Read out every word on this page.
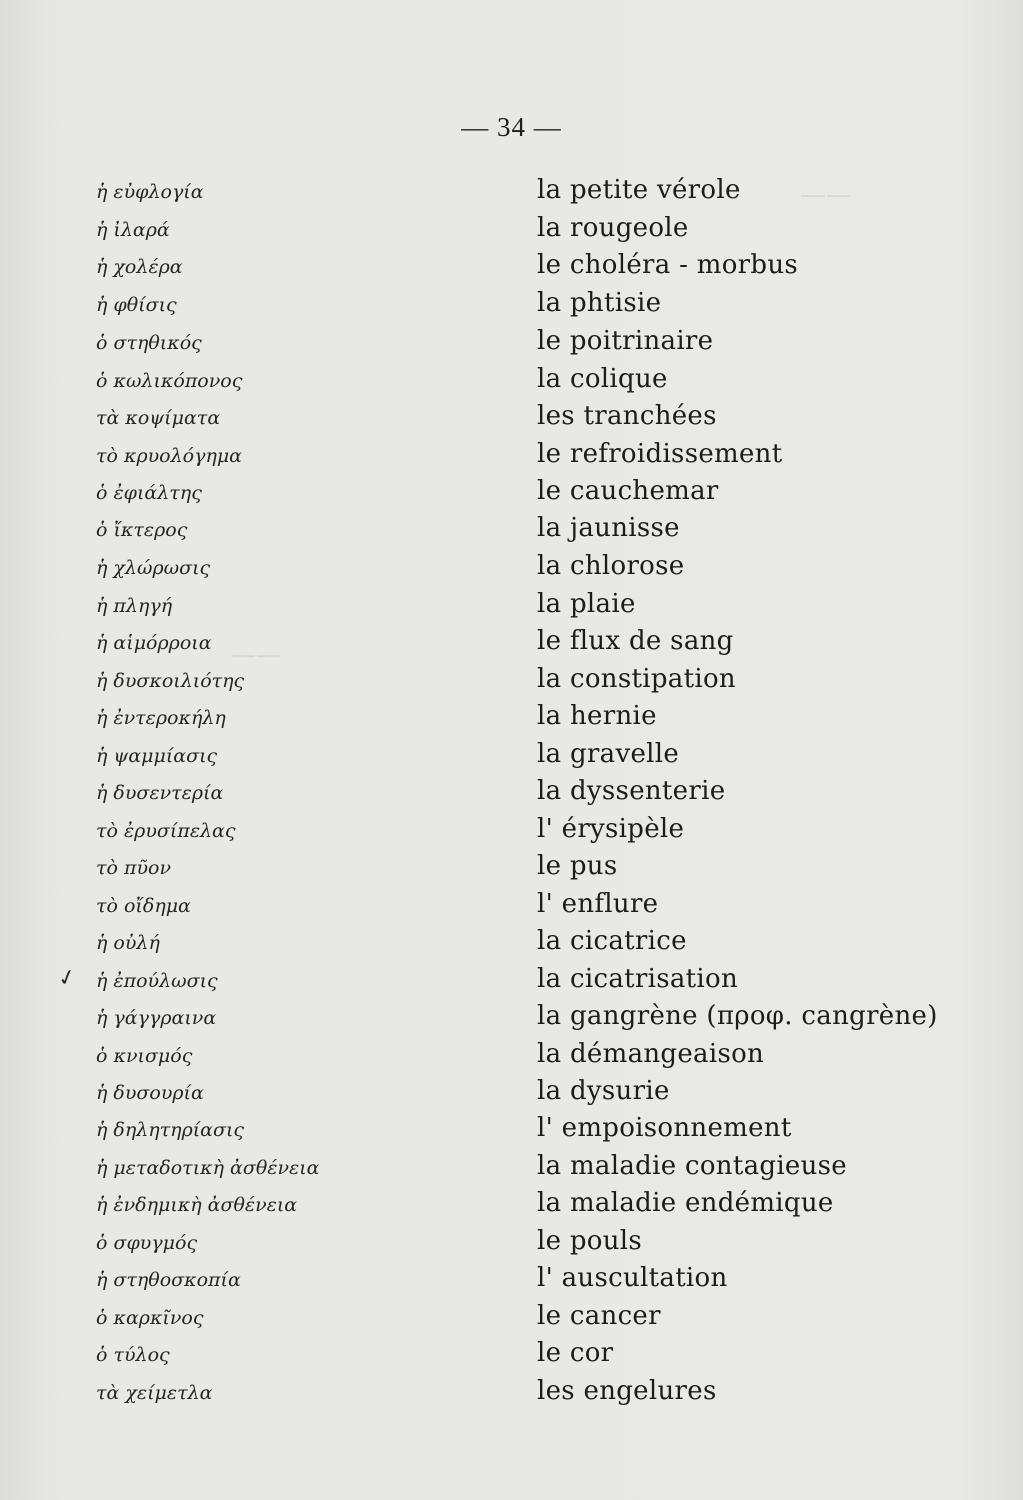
——
——
— 34 —
ἡ εὐφλογία	la petite vérole
ἡ ἰλαρά	la rougeole
ἡ χολέρα	le choléra - morbus
ἡ φθίσις	la phtisie
ὁ στηθικός	le poitrinaire
ὁ κωλικόπονος	la colique
τὰ κοψίματα	les tranchées
τὸ κρυολόγημα	le refroidissement
ὁ ἐφιάλτης	le cauchemar
ὁ ἴκτερος	la jaunisse
ἡ χλώρωσις	la chlorose
ἡ πληγή	la plaie
ἡ αἱμόρροια	le flux de sang
ἡ δυσκοιλιότης	la constipation
ἡ ἐντεροκήλη	la hernie
ἡ ψαμμίασις	la gravelle
ἡ δυσεντερία	la dyssenterie
τὸ ἐρυσίπελας	l' érysipèle
τὸ πῦον	le pus
τὸ οἴδημα	l' enflure
ἡ οὐλή	la cicatrice
ἡ ἐπούλωσις	la cicatrisation
ἡ γάγγραινα	la gangrène (προφ. cangrène)
ὁ κνισμός	la démangeaison
ἡ δυσουρία	la dysurie
ἡ δηλητηρίασις	l' empoisonnement
ἡ μεταδοτικὴ ἀσθένεια	la maladie contagieuse
ἡ ἐνδημικὴ ἀσθένεια	la maladie endémique
ὁ σφυγμός	le pouls
ἡ στηθοσκοπία	l' auscultation
ὁ καρκῖνος	le cancer
ὁ τύλος	le cor
τὰ χείμετλα	les engelures
✓
